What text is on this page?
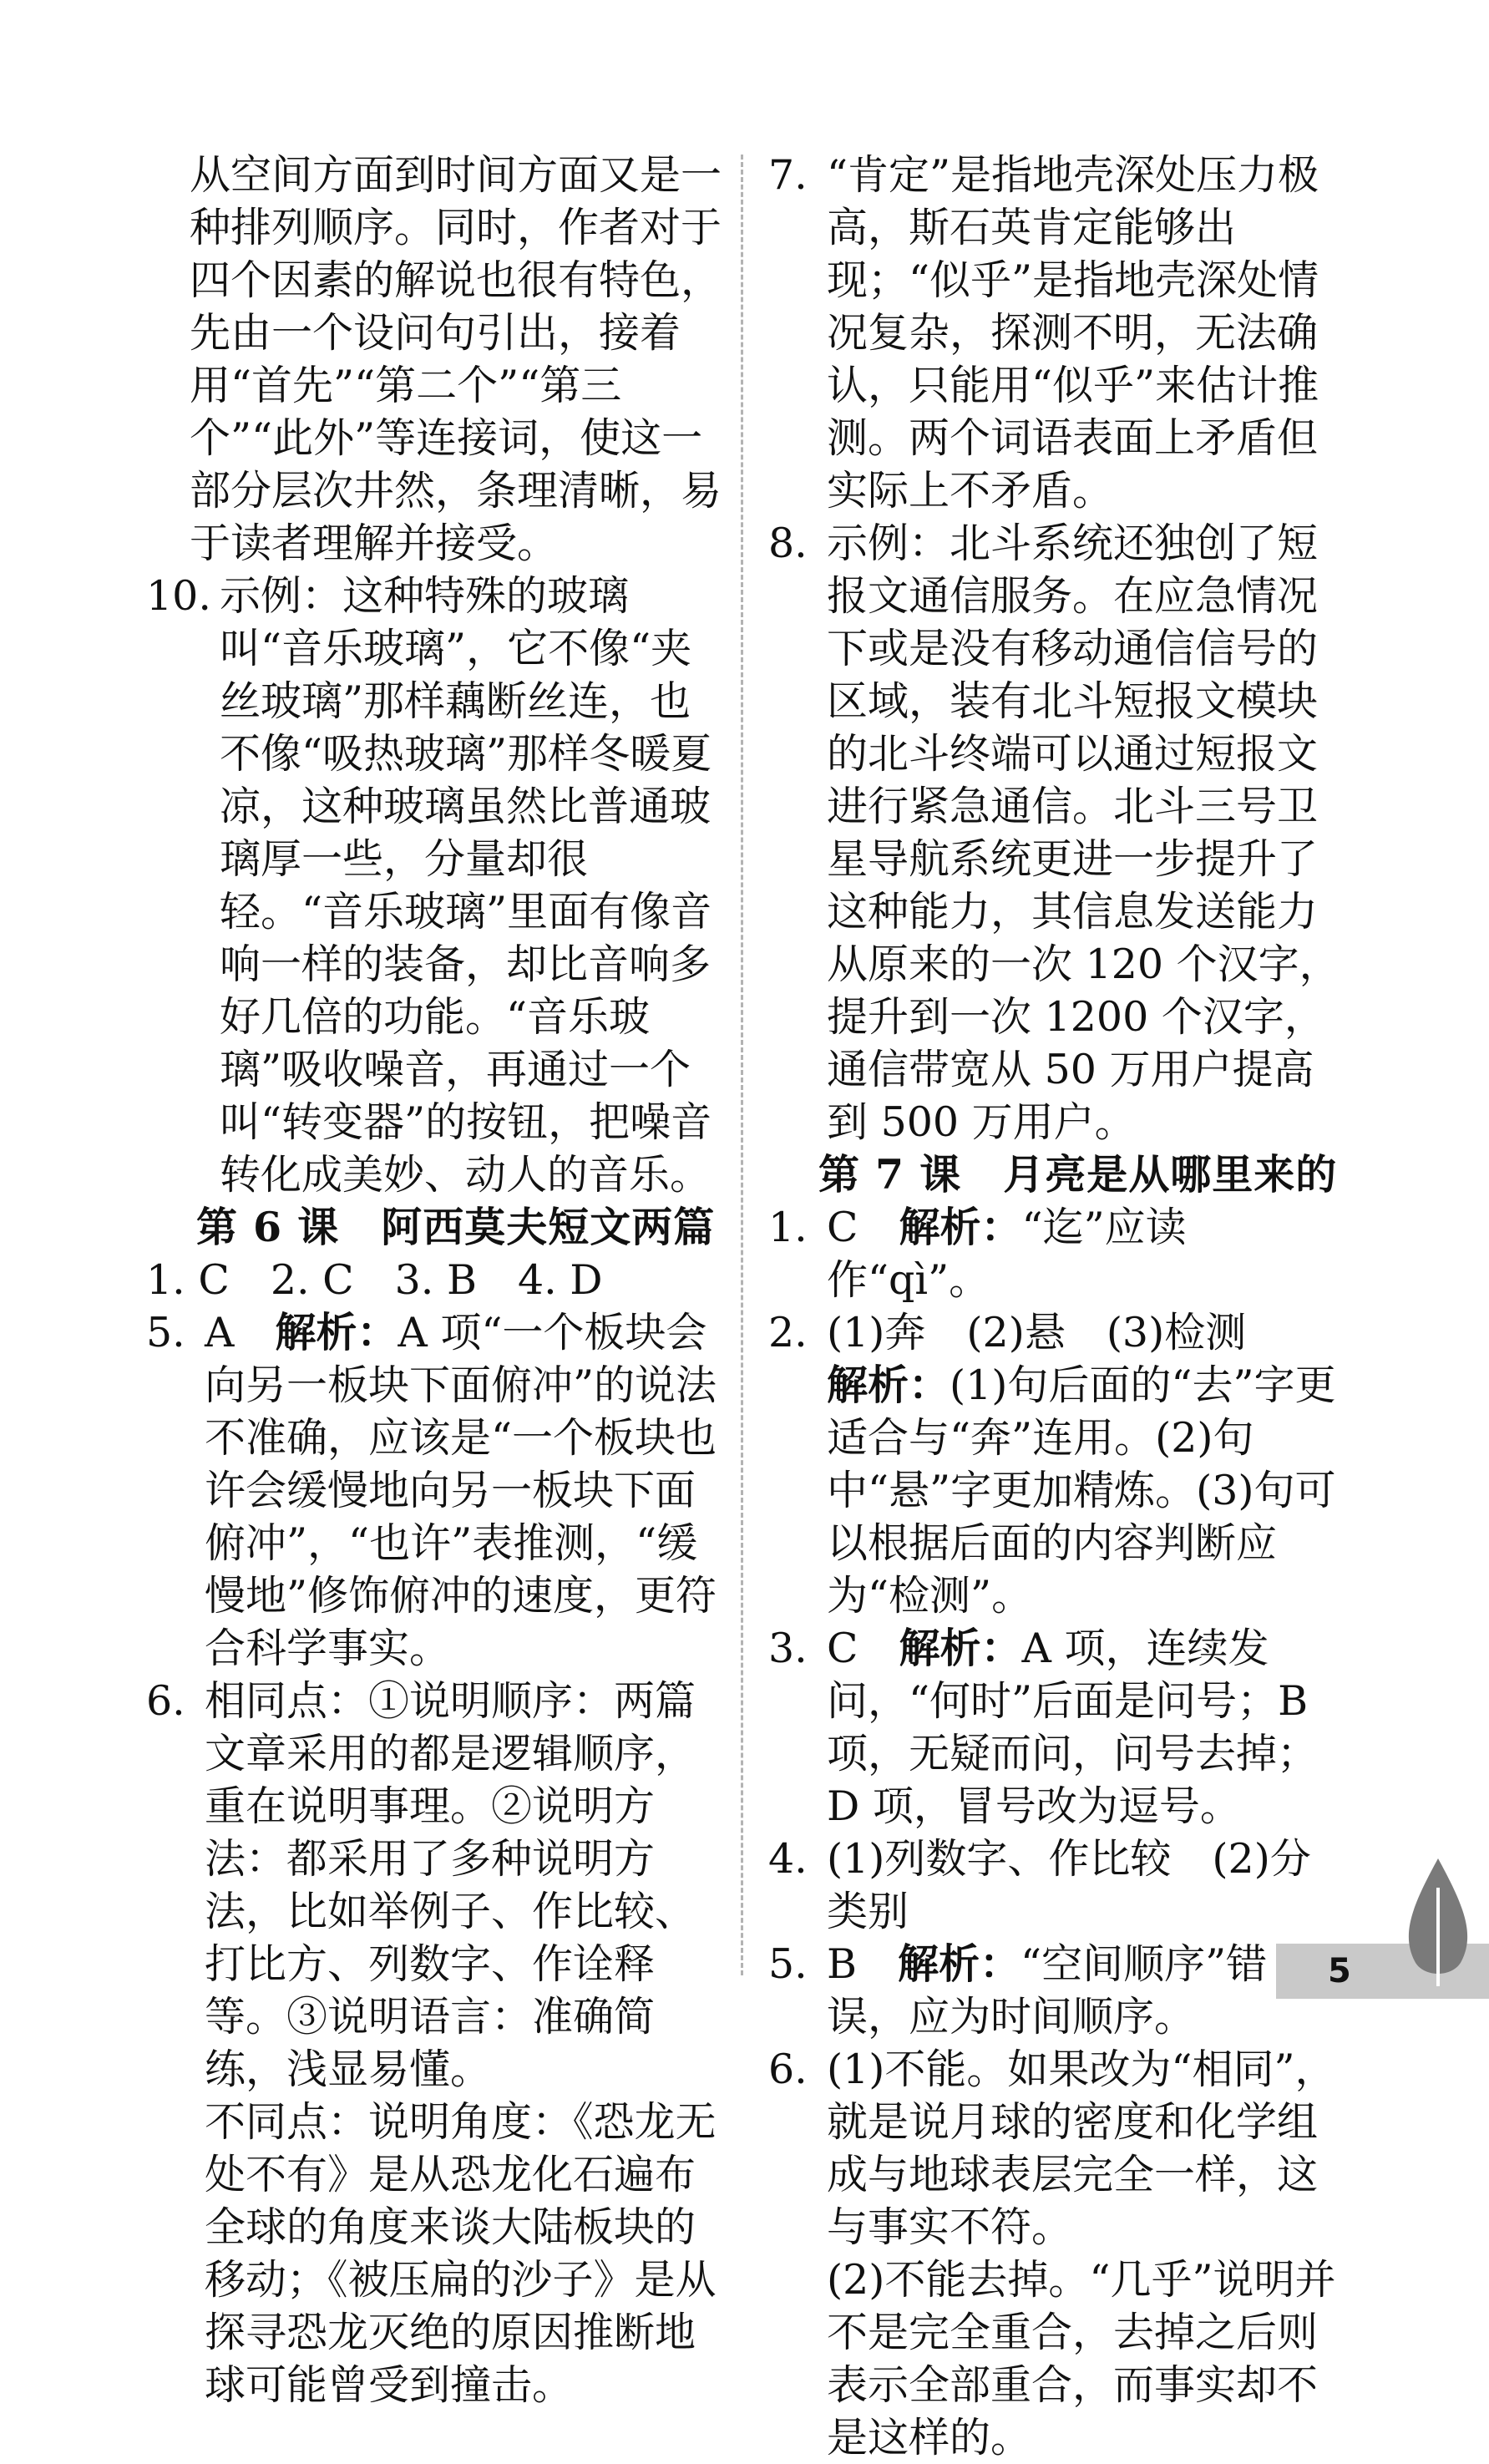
从空间方面到时间方面又是一种排列顺序。同时，作者对于四个因素的解说也很有特色，先由一个设问句引出，接着用“首先”“第二个”“第三个”“此外”等连接词，使这一部分层次井然，条理清晰，易于读者理解并接受。

10. 示例：这种特殊的玻璃叫“音乐玻璃”，它不像“夹丝玻璃”那样藕断丝连，也不像“吸热玻璃”那样冬暖夏凉，这种玻璃虽然比普通玻璃厚一些，分量却很轻。“音乐玻璃”里面有像音响一样的装备，却比音响多好几倍的功能。“音乐玻璃”吸收噪音，再通过一个叫“转变器”的按钮，把噪音转化成美妙、动人的音乐。

第 6 课　阿西莫夫短文两篇

1. C　2. C　3. B　4. D

5. A　解析：A 项“一个板块会向另一板块下面俯冲”的说法不准确，应该是“一个板块也许会缓慢地向另一板块下面俯冲”，“也许”表推测，“缓慢地”修饰俯冲的速度，更符合科学事实。
6. 相同点：①说明顺序：两篇文章采用的都是逻辑顺序，重在说明事理。②说明方法：都采用了多种说明方法，比如举例子、作比较、打比方、列数字、作诠释等。③说明语言：准确简练，浅显易懂。
不同点：说明角度：《恐龙无处不有》是从恐龙化石遍布全球的角度来谈大陆板块的移动；《被压扁的沙子》是从探寻恐龙灭绝的原因推断地球可能曾受到撞击。
7. “肯定”是指地壳深处压力极高，斯石英肯定能够出现；“似乎”是指地壳深处情况复杂，探测不明，无法确认，只能用“似乎”来估计推测。两个词语表面上矛盾但实际上不矛盾。
8. 示例：北斗系统还独创了短报文通信服务。在应急情况下或是没有移动通信信号的区域，装有北斗短报文模块的北斗终端可以通过短报文进行紧急通信。北斗三号卫星导航系统更进一步提升了这种能力，其信息发送能力从原来的一次 120 个汉字，提升到一次 1200 个汉字，通信带宽从 50 万用户提高到 500 万用户。

第 7 课　月亮是从哪里来的

1. C　解析：“迄”应读作“qì”。
2. (1)奔　(2)悬　(3)检测
解析：(1)句后面的“去”字更适合与“奔”连用。(2)句中“悬”字更加精炼。(3)句可以根据后面的内容判断应为“检测”。
3. C　解析：A 项，连续发问，“何时”后面是问号；B 项，无疑而问，问号去掉；D 项，冒号改为逗号。
4. (1)列数字、作比较　(2)分类别
5. B　解析：“空间顺序”错误，应为时间顺序。
6. (1)不能。如果改为“相同”，就是说月球的密度和化学组成与地球表层完全一样，这与事实不符。
(2)不能去掉。“几乎”说明并不是完全重合，去掉之后则表示全部重合，而事实却不是这样的。
5
